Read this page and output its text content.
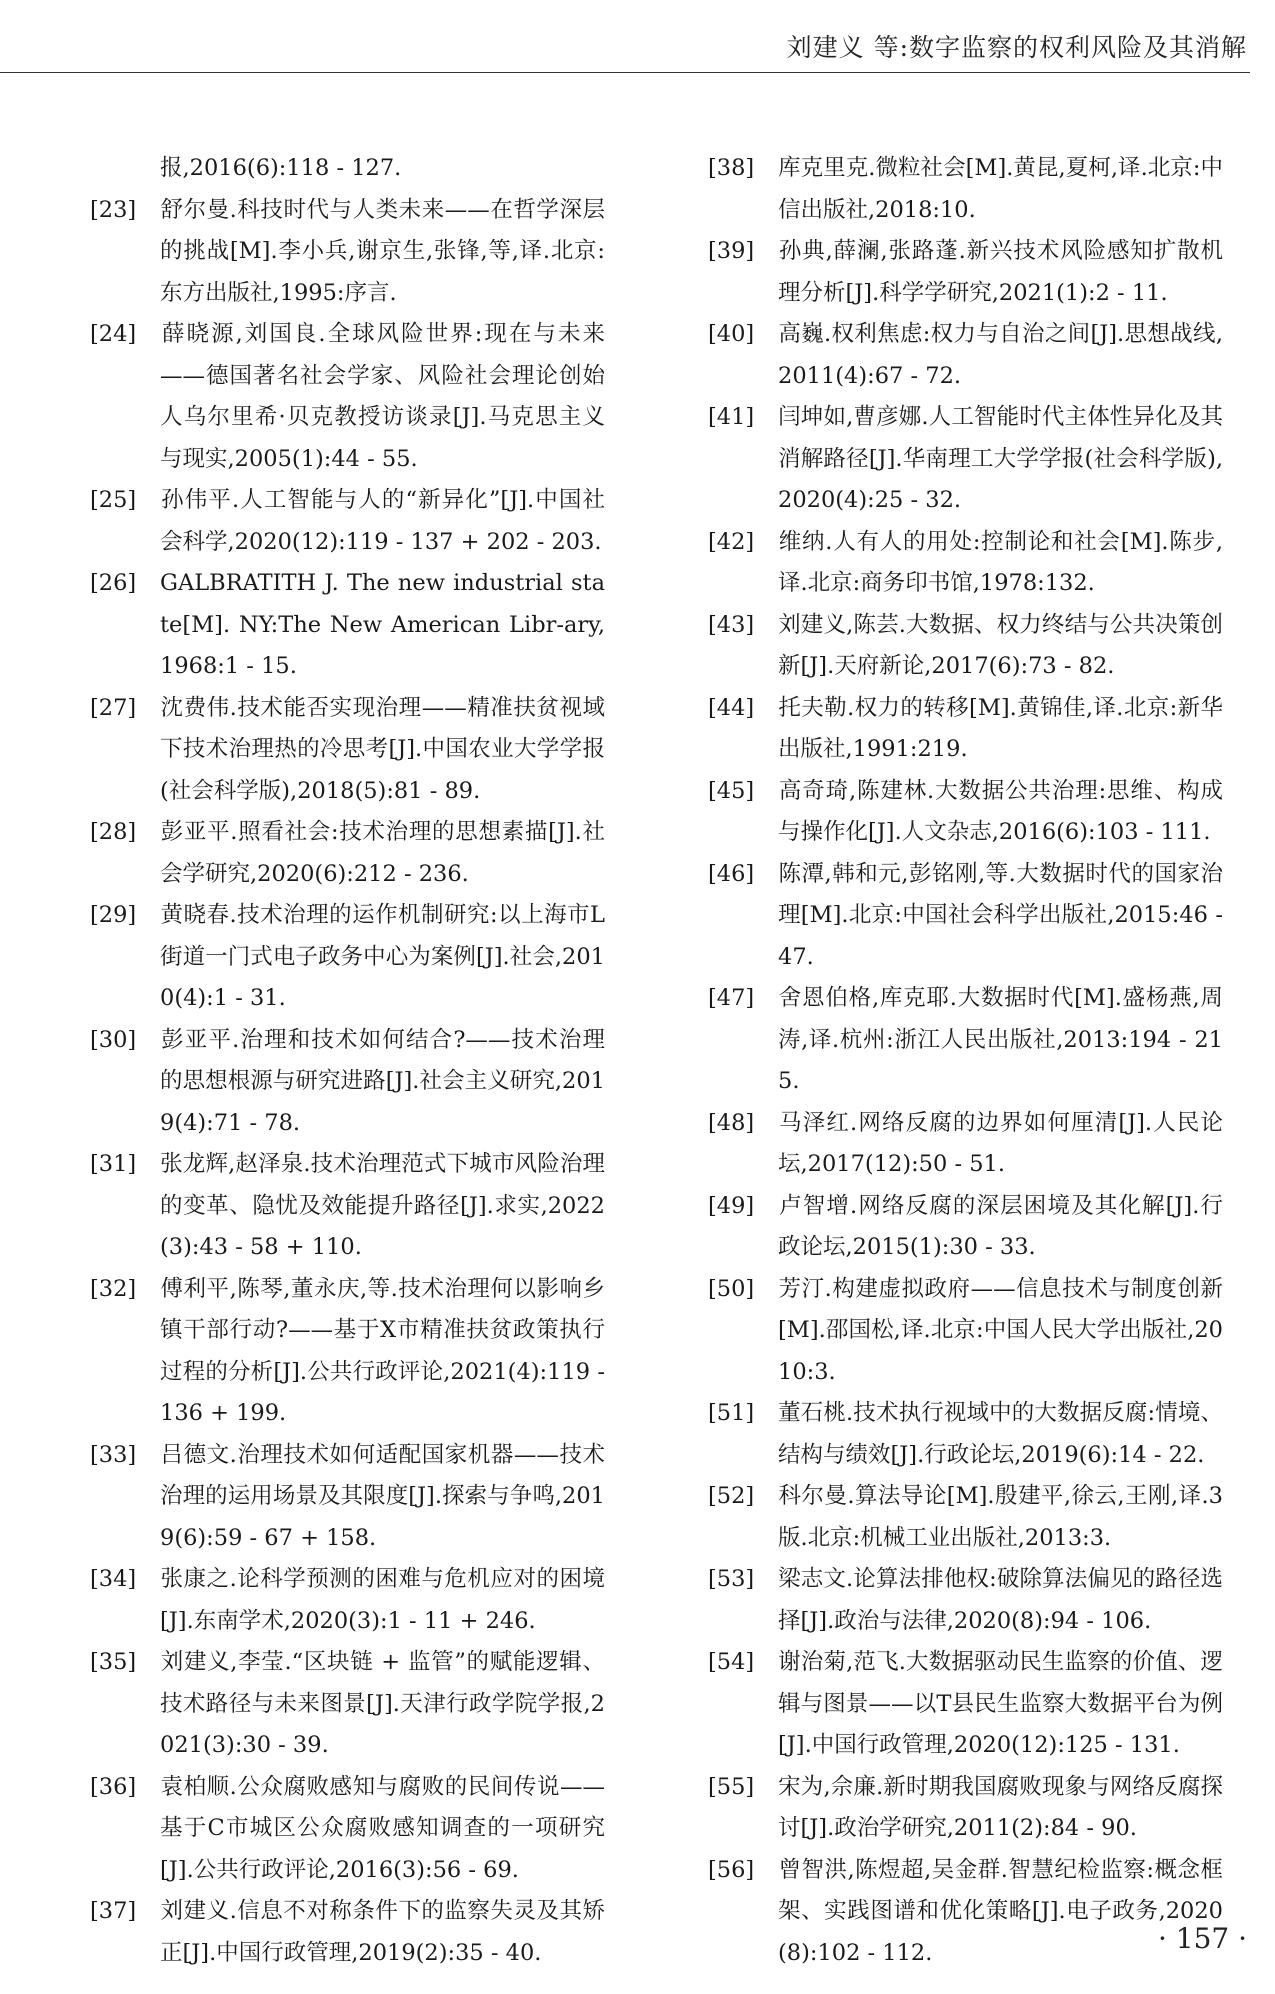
刘建义 等:数字监察的权利风险及其消解
报,2016(6):118 - 127.
[23] 舒尔曼.科技时代与人类未来——在哲学深层的挑战[M].李小兵,谢京生,张锋,等,译.北京:东方出版社,1995:序言.
[24] 薛晓源,刘国良.全球风险世界:现在与未来——德国著名社会学家、风险社会理论创始人乌尔里希·贝克教授访谈录[J].马克思主义与现实,2005(1):44 - 55.
[25] 孙伟平.人工智能与人的“新异化”[J].中国社会科学,2020(12):119 - 137 + 202 - 203.
[26] GALBRATITH J. The new industrial state[M]. NY:The New American Libr-ary,1968:1 - 15.
[27] 沈费伟.技术能否实现治理——精准扶贫视域下技术治理热的冷思考[J].中国农业大学学报(社会科学版),2018(5):81 - 89.
[28] 彭亚平.照看社会:技术治理的思想素描[J].社会学研究,2020(6):212 - 236.
[29] 黄晓春.技术治理的运作机制研究:以上海市L街道一门式电子政务中心为案例[J].社会,2010(4):1 - 31.
[30] 彭亚平.治理和技术如何结合?——技术治理的思想根源与研究进路[J].社会主义研究,2019(4):71 - 78.
[31] 张龙辉,赵泽泉.技术治理范式下城市风险治理的变革、隐忧及效能提升路径[J].求实,2022(3):43 - 58 + 110.
[32] 傅利平,陈琴,董永庆,等.技术治理何以影响乡镇干部行动?——基于X市精准扶贫政策执行过程的分析[J].公共行政评论,2021(4):119 - 136 + 199.
[33] 吕德文.治理技术如何适配国家机器——技术治理的运用场景及其限度[J].探索与争鸣,2019(6):59 - 67 + 158.
[34] 张康之.论科学预测的困难与危机应对的困境[J].东南学术,2020(3):1 - 11 + 246.
[35] 刘建义,李莹.“区块链 + 监管”的赋能逻辑、技术路径与未来图景[J].天津行政学院学报,2021(3):30 - 39.
[36] 袁柏顺.公众腐败感知与腐败的民间传说——基于C市城区公众腐败感知调查的一项研究[J].公共行政评论,2016(3):56 - 69.
[37] 刘建义.信息不对称条件下的监察失灵及其矫正[J].中国行政管理,2019(2):35 - 40.
[38] 库克里克.微粒社会[M].黄昆,夏柯,译.北京:中信出版社,2018:10.
[39] 孙典,薛澜,张路蓬.新兴技术风险感知扩散机理分析[J].科学学研究,2021(1):2 - 11.
[40] 高巍.权利焦虑:权力与自治之间[J].思想战线,2011(4):67 - 72.
[41] 闫坤如,曹彦娜.人工智能时代主体性异化及其消解路径[J].华南理工大学学报(社会科学版),2020(4):25 - 32.
[42] 维纳.人有人的用处:控制论和社会[M].陈步,译.北京:商务印书馆,1978:132.
[43] 刘建义,陈芸.大数据、权力终结与公共决策创新[J].天府新论,2017(6):73 - 82.
[44] 托夫勒.权力的转移[M].黄锦佳,译.北京:新华出版社,1991:219.
[45] 高奇琦,陈建林.大数据公共治理:思维、构成与操作化[J].人文杂志,2016(6):103 - 111.
[46] 陈潭,韩和元,彭铭刚,等.大数据时代的国家治理[M].北京:中国社会科学出版社,2015:46 - 47.
[47] 舍恩伯格,库克耶.大数据时代[M].盛杨燕,周涛,译.杭州:浙江人民出版社,2013:194 - 215.
[48] 马泽红.网络反腐的边界如何厘清[J].人民论坛,2017(12):50 - 51.
[49] 卢智增.网络反腐的深层困境及其化解[J].行政论坛,2015(1):30 - 33.
[50] 芳汀.构建虚拟政府——信息技术与制度创新[M].邵国松,译.北京:中国人民大学出版社,2010:3.
[51] 董石桃.技术执行视域中的大数据反腐:情境、结构与绩效[J].行政论坛,2019(6):14 - 22.
[52] 科尔曼.算法导论[M].殷建平,徐云,王刚,译.3版.北京:机械工业出版社,2013:3.
[53] 梁志文.论算法排他权:破除算法偏见的路径选择[J].政治与法律,2020(8):94 - 106.
[54] 谢治菊,范飞.大数据驱动民生监察的价值、逻辑与图景——以T县民生监察大数据平台为例[J].中国行政管理,2020(12):125 - 131.
[55] 宋为,佘廉.新时期我国腐败现象与网络反腐探讨[J].政治学研究,2011(2):84 - 90.
[56] 曾智洪,陈煜超,吴金群.智慧纪检监察:概念框架、实践图谱和优化策略[J].电子政务,2020(8):102 - 112.	· 157 ·
